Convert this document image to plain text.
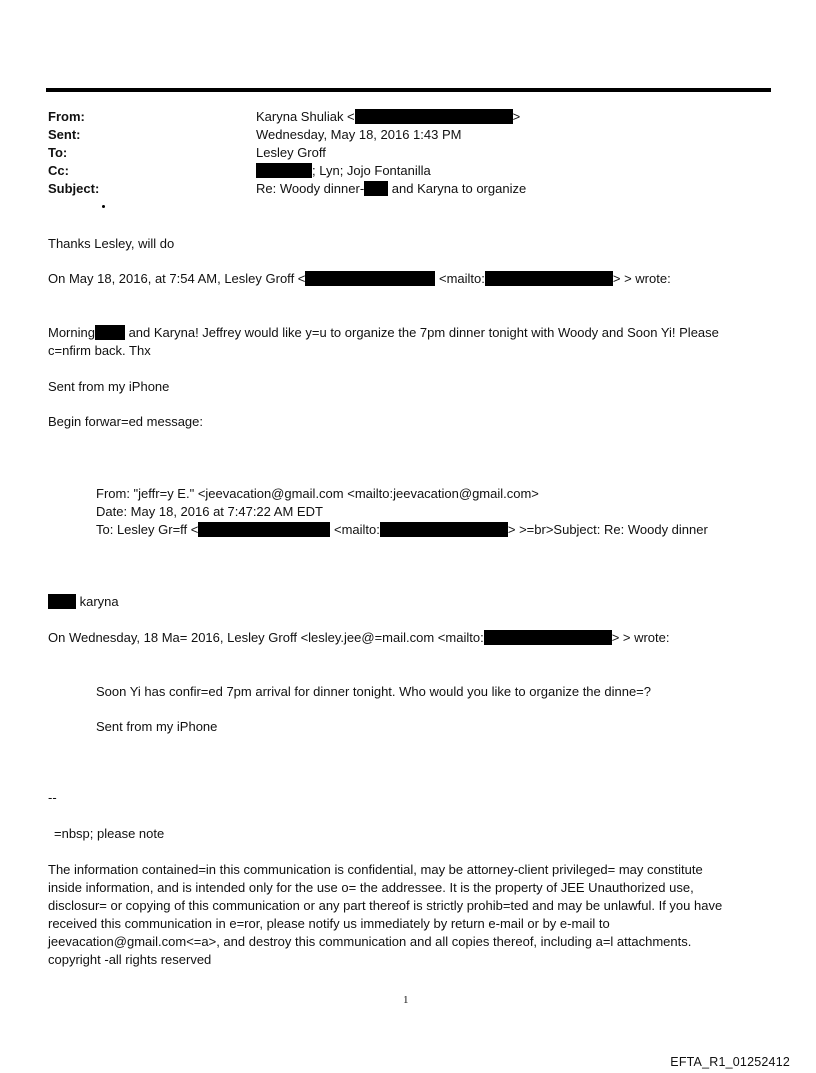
From:	Karyna Shuliak <	>
Sent:	Wednesday, May 18, 2016 1:43 PM
To:	Lesley Groff
Cc:	; Lyn; Jojo Fontanilla
Subject:	Re: Woody dinner- and Karyna to organize
Thanks Lesley, will do
On May 18, 2016, at 7:54 AM, Lesley Groff <	<mailto:	> > wrote:
Morning and Karyna! Jeffrey would like y=u to organize the 7pm dinner tonight with Woody and Soon Yi! Please
c=nfirm back. Thx
Sent from my iPhone
Begin forwar=ed message:
From: "jeffr=y E." <jeevacation@gmail.com <mailto:jeevacation@gmail.com>
Date: May 18, 2016 at 7:47:22 AM EDT
To: Lesley Gr=ff <	<mailto:	> >=br>Subject: Re: Woody dinner
karyna
On Wednesday, 18 Ma= 2016, Lesley Groff <lesley.jee@=mail.com <mailto:	> > wrote:
Soon Yi has confir=ed 7pm arrival for dinner tonight. Who would you like to organize the dinne=?
Sent from my iPhone
--
=nbsp; please note
The information contained=in this communication is confidential, may be attorney-client privileged= may constitute
inside information, and is intended only for the use o= the addressee. It is the property of JEE Unauthorized use,
disclosur= or copying of this communication or any part thereof is strictly prohib=ted and may be unlawful. If you have
received this communication in e=ror, please notify us immediately by return e-mail or by e-mail to
jeevacation@gmail.com<=a>, and destroy this communication and all copies thereof, including a=l attachments.
copyright -all rights reserved
1
EFTA_R1_01252412
